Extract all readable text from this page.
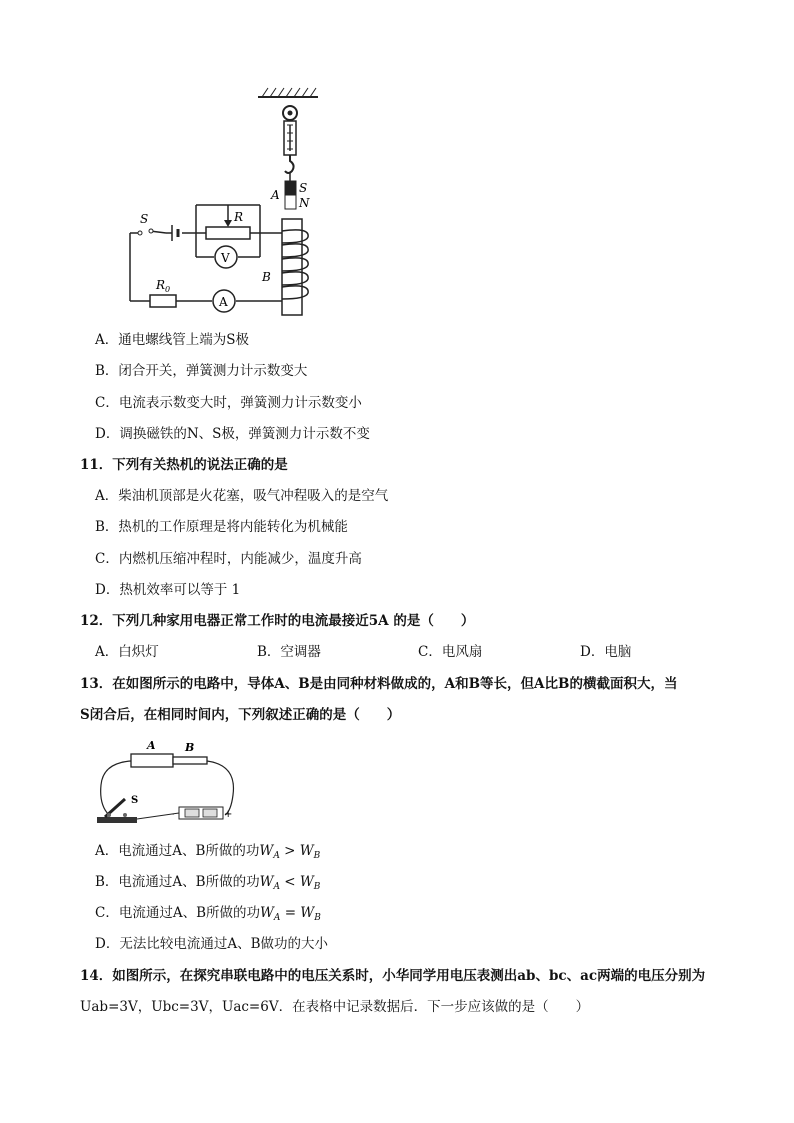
A S
N
B
S	R
V
$R_0$
A
A．通电螺线管上端为S极
B．闭合开关，弹簧测力计示数变大
C．电流表示数变大时，弹簧测力计示数变小
D．调换磁铁的N、S极，弹簧测力计示数不变
11．下列有关热机的说法正确的是
A．柴油机顶部是火花塞，吸气冲程吸入的是空气
B．热机的工作原理是将内能转化为机械能
C．内燃机压缩冲程时，内能减少，温度升高
D．热机效率可以等于 1
12．下列几种家用电器正常工作时的电流最接近5A 的是（　　）
A．白炽灯	B．空调器	C．电风扇	D．电脑
13．在如图所示的电路中，导体A、B是由同种材料做成的，A和B等长，但A比B的横截面积大，当
S闭合后，在相同时间内，下列叙述正确的是（　　）
A	B
S
-	+
A．电流通过A、B所做的功$W_A > W_B$
B．电流通过A、B所做的功$W_A < W_B$
C．电流通过A、B所做的功$W_A = W_B$
D．无法比较电流通过A、B做功的大小
14．如图所示，在探究串联电路中的电压关系时，小华同学用电压表测出ab、bc、ac两端的电压分别为
Uab=3V，Ubc=3V，Uac=6V．在表格中记录数据后．下一步应该做的是（　　）
